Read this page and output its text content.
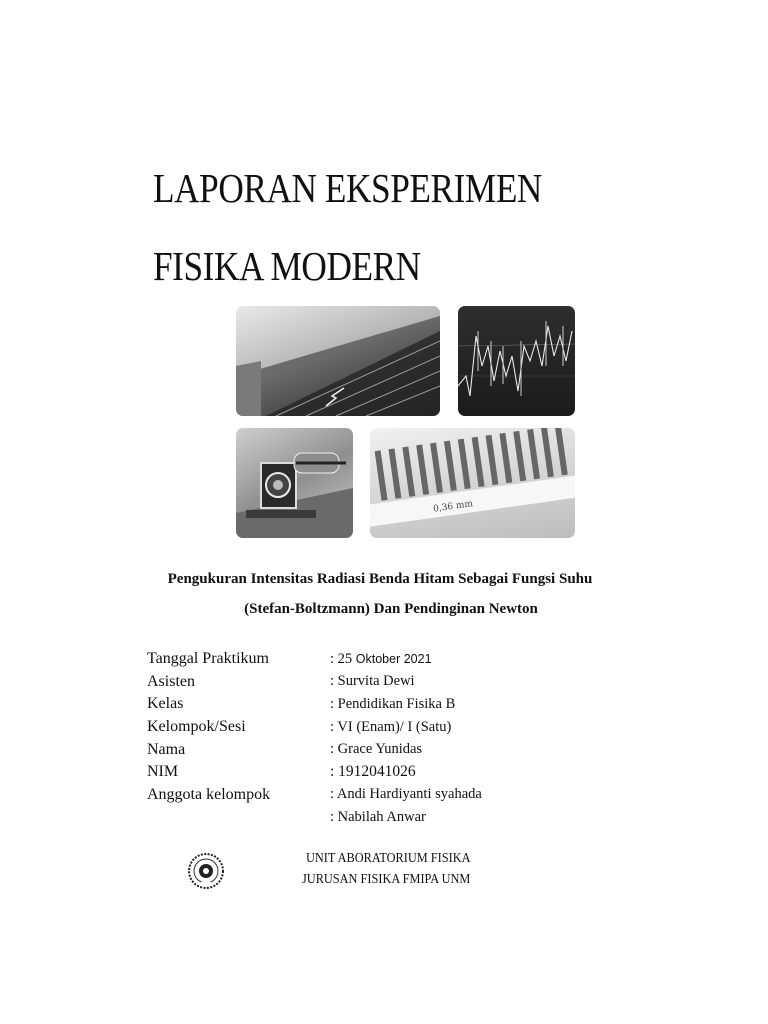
LAPORAN EKSPERIMEN
FISIKA MODERN
0,36 mm
Pengukuran Intensitas Radiasi Benda Hitam Sebagai Fungsi Suhu
(Stefan-Boltzmann) Dan Pendinginan Newton
Tanggal Praktikum	: 25 Oktober 2021
Asisten	: Survita Dewi
Kelas	: Pendidikan Fisika B
Kelompok/Sesi	: VI (Enam)/ I (Satu)
Nama	: Grace Yunidas
NIM	: 1912041026
Anggota kelompok	: Andi Hardiyanti syahada
: Nabilah Anwar
UNIT ABORATORIUM FISIKA
JURUSAN FISIKA FMIPA UNM
